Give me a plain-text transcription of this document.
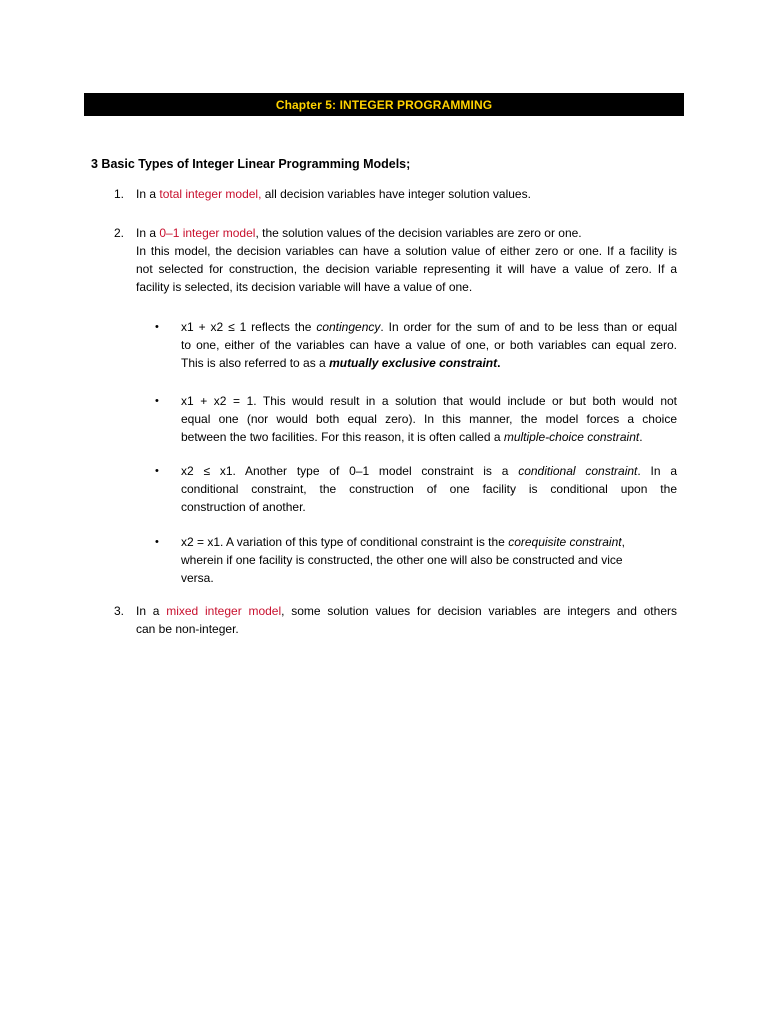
Chapter 5: INTEGER PROGRAMMING
3 Basic Types of Integer Linear Programming Models;
1. In a total integer model, all decision variables have integer solution values.
2. In a 0–1 integer model, the solution values of the decision variables are zero or one.
In this model, the decision variables can have a solution value of either zero or one. If a facility is
not selected for construction, the decision variable representing it will have a value of zero. If a
facility is selected, its decision variable will have a value of one.
• x1 + x2 ≤ 1 reflects the contingency. In order for the sum of and to be less than or equal
to one, either of the variables can have a value of one, or both variables can equal zero.
This is also referred to as a mutually exclusive constraint.
• x1 + x2 = 1. This would result in a solution that would include or but both would not
equal one (nor would both equal zero). In this manner, the model forces a choice
between the two facilities. For this reason, it is often called a multiple-choice constraint.
• x2 ≤ x1. Another type of 0–1 model constraint is a conditional constraint. In a
conditional constraint, the construction of one facility is conditional upon the
construction of another.
• x2 = x1. A variation of this type of conditional constraint is the corequisite constraint,
wherein if one facility is constructed, the other one will also be constructed and vice
versa.
3. In a mixed integer model, some solution values for decision variables are integers and others
can be non-integer.
